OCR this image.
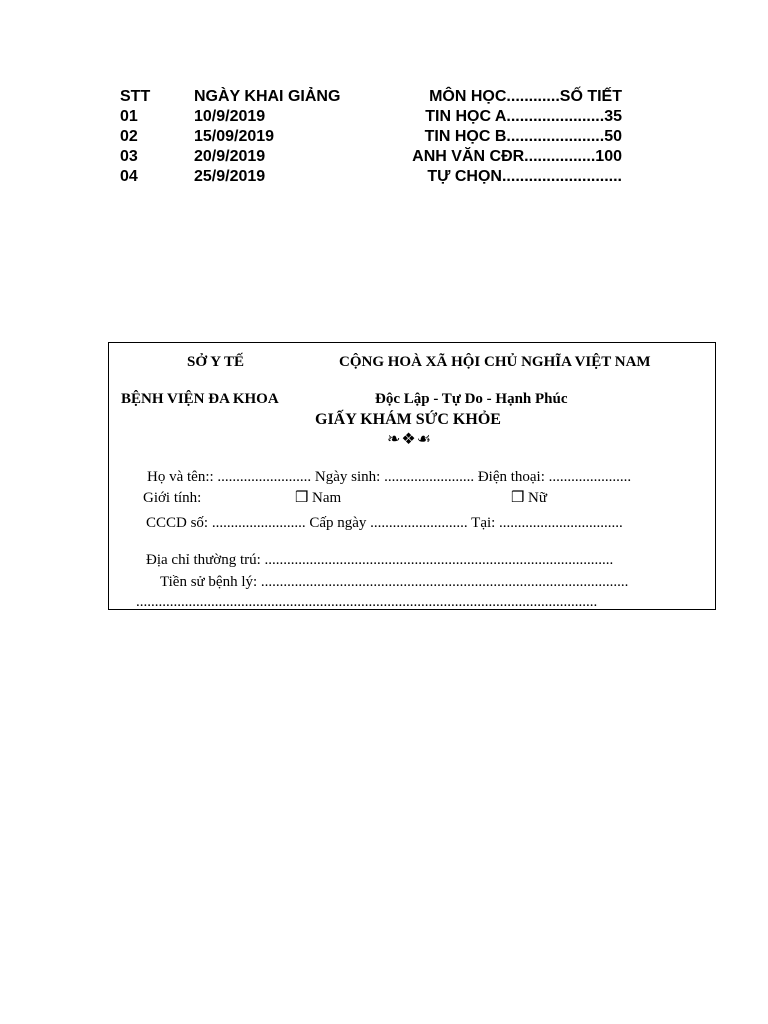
STT	NGÀY KHAI GIẢNG	MÔN HỌC............SỐ TIẾT
01	10/9/2019	TIN HỌC A......................35
02	15/09/2019	TIN HỌC B......................50
03	20/9/2019	ANH VĂN CĐR................100
04	25/9/2019	TỰ CHỌN...........................
SỞ Y TẾ	CỘNG HOÀ XÃ HỘI CHỦ NGHĨA VIỆT NAM
BỆNH VIỆN ĐA KHOA	Độc Lập - Tự Do - Hạnh Phúc
GIẤY KHÁM SỨC KHỎE
❧❖☙
Họ và tên:: ......................... Ngày sinh: ........................ Điện thoại: ......................
Giới tính:	❒ Nam	❒ Nữ
CCCD số: ......................... Cấp ngày .......................... Tại: .................................
Địa chỉ thường trú: .............................................................................................
Tiền sử bệnh lý: ..................................................................................................
...........................................................................................................................
